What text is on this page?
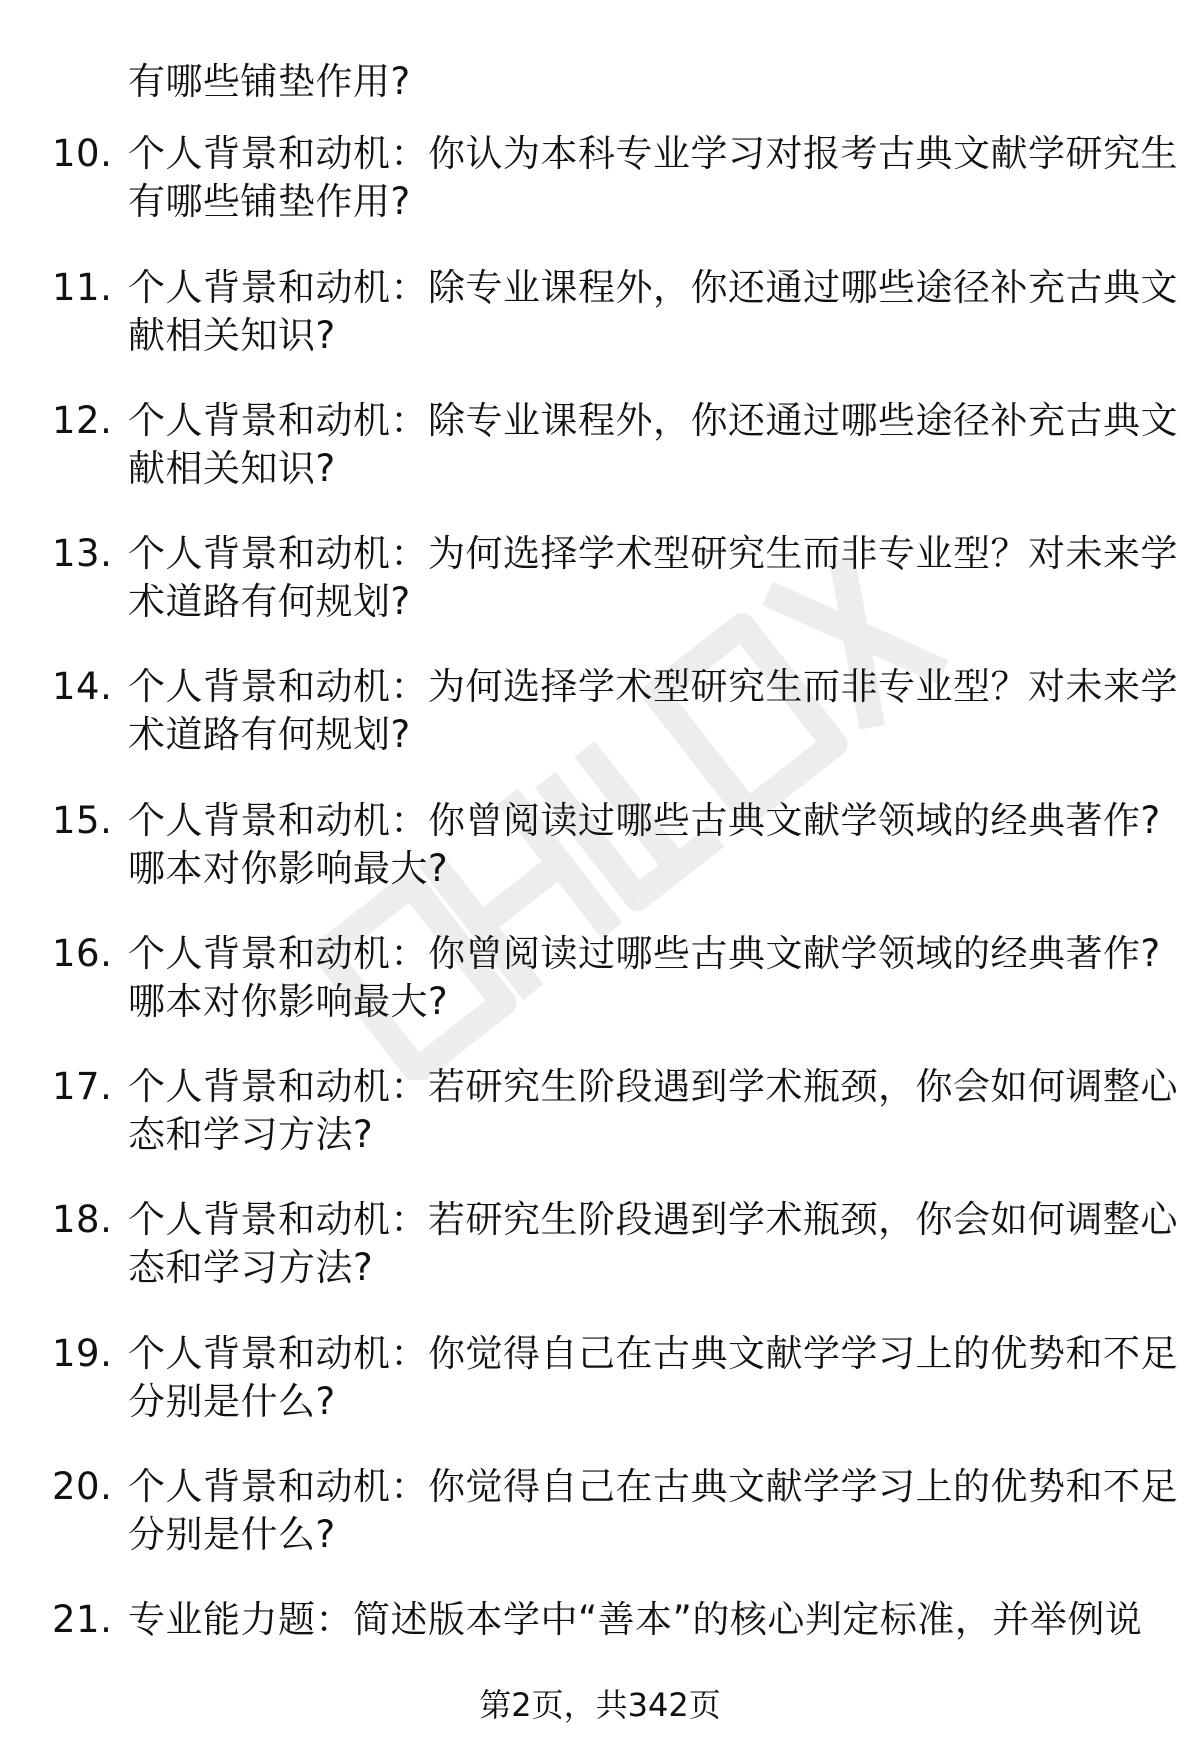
有哪些铺垫作用?
10. 个人背景和动机：你认为本科专业学习对报考古典文献学研究生
有哪些铺垫作用?
11. 个人背景和动机：除专业课程外，你还通过哪些途径补充古典文
献相关知识?
12. 个人背景和动机：除专业课程外，你还通过哪些途径补充古典文
献相关知识?
13. 个人背景和动机：为何选择学术型研究生而非专业型？对未来学
术道路有何规划?
14. 个人背景和动机：为何选择学术型研究生而非专业型？对未来学
术道路有何规划?
15. 个人背景和动机：你曾阅读过哪些古典文献学领域的经典著作?
哪本对你影响最大?
16. 个人背景和动机：你曾阅读过哪些古典文献学领域的经典著作?
哪本对你影响最大?
17. 个人背景和动机：若研究生阶段遇到学术瓶颈，你会如何调整心
态和学习方法?
18. 个人背景和动机：若研究生阶段遇到学术瓶颈，你会如何调整心
态和学习方法?
19. 个人背景和动机：你觉得自己在古典文献学学习上的优势和不足
分别是什么?
20. 个人背景和动机：你觉得自己在古典文献学学习上的优势和不足
分别是什么?
21. 专业能力题：简述版本学中“善本”的核心判定标准，并举例说
第2页，共342页
